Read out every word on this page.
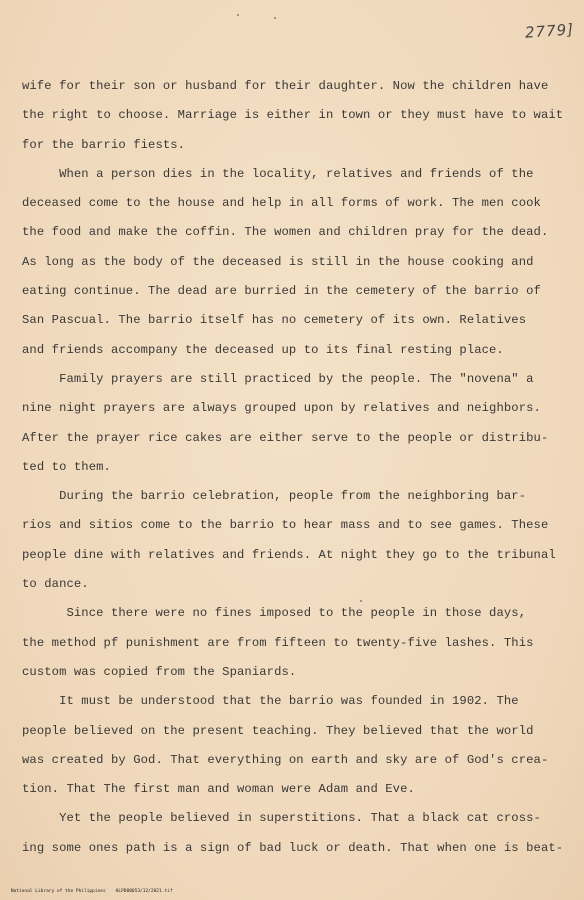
2779]
wife for their son or husband for their daughter. Now the children have
the right to choose. Marriage is either in town or they must have to wait
for the barrio fiests.
When a person dies in the locality, relatives and friends of the
deceased come to the house and help in all forms of work. The men cook
the food and make the coffin. The women and children pray for the dead.
As long as the body of the deceased is still in the house cooking and
eating continue. The dead are burried in the cemetery of the barrio of
San Pascual. The barrio itself has no cemetery of its own. Relatives
and friends accompany the deceased up to its final resting place.
Family prayers are still practiced by the people. The "novena" a
nine night prayers are always grouped upon by relatives and neighbors.
After the prayer rice cakes are either serve to the people or distribu-
ted to them.
During the barrio celebration, people from the neighboring bar-
rios and sitios come to the barrio to hear mass and to see games. These
people dine with relatives and friends. At night they go to the tribunal
to dance.
Since there were no fines imposed to the people in those days,
the method pf punishment are from fifteen to twenty-five lashes. This
custom was copied from the Spaniards.
It must be understood that the barrio was founded in 1902. The
people believed on the present teaching. They believed that the world
was created by God. That everything on earth and sky are of God's crea-
tion. That The first man and woman were Adam and Eve.
Yet the people believed in superstitions. That a black cat cross-
ing some ones path is a sign of bad luck or death. That when one is beat-

National Library of the Philippines HLPD00053/12/2021.tif
